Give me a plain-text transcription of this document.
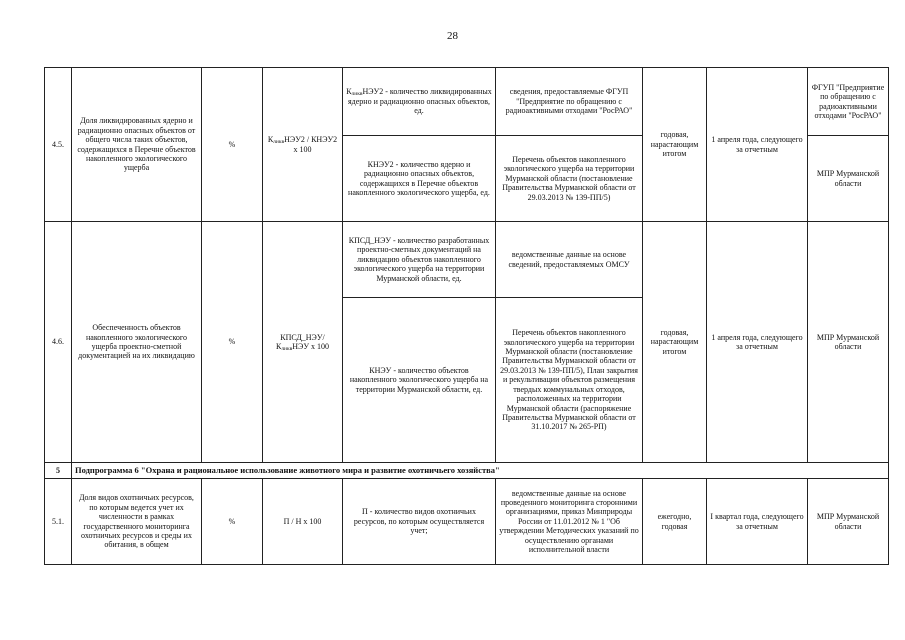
28
4.5.	Доля ликвидированных ядерно и радиационно опасных объектов от общего числа таких объектов, содержащихся в Перечне объектов накопленного экологического ущерба	%	$К_{ликв}НЭУ2$ / КНЭУ2 х 100	$К_{ликв}НЭУ2$ - количество ликвидированных ядерно и радиационно опасных объектов, ед.	сведения, предоставляемые ФГУП "Предприятие по обращению с радиоактивными отходами "РосРАО"	годовая, нарастающим итогом	1 апреля года, следующего за отчетным	ФГУП "Предприятие по обращению с радиоактивными отходами "РосРАО"
				КНЭУ2 - количество ядерно и радиационно опасных объектов, содержащихся в Перечне объектов накопленного экологического ущерба, ед.	Перечень объектов накопленного экологического ущерба на территории Мурманской области (постановление Правительства Мурманской области от 29.03.2013 № 139-ПП/5)			МПР Мурманской области
4.6.	Обеспеченность объектов накопленного экологического ущерба проектно-сметной документацией на их ликвидацию	%	КПСД_НЭУ/ $К_{ликв}НЭУ$ х 100	КПСД_НЭУ - количество разработанных проектно-сметных документаций на ликвидацию объектов накопленного экологического ущерба на территории Мурманской области, ед.	ведомственные данные на основе сведений, предоставляемых ОМСУ	годовая, нарастающим итогом	1 апреля года, следующего за отчетным	МПР Мурманской области
				КНЭУ - количество объектов накопленного экологического ущерба на территории Мурманской области, ед.	Перечень объектов накопленного экологического ущерба на территории Мурманской области (постановление Правительства Мурманской области от 29.03.2013 № 139-ПП/5), План закрытия и рекультивации объектов размещения твердых коммунальных отходов, расположенных на территории Мурманской области (распоряжение Правительства Мурманской области от 31.10.2017 № 265-РП)			
5	Подпрограмма 6 "Охрана и рациональное использование животного мира и развитие охотничьего хозяйства"							
5.1.	Доля видов охотничьих ресурсов, по которым ведется учет их численности в рамках государственного мониторинга охотничьих ресурсов и среды их обитания, в общем	%	П / Н х 100	П - количество видов охотничьих ресурсов, по которым осуществляется учет;	ведомственные данные на основе проведенного мониторинга сторонними организациями, приказ Минприроды России от 11.01.2012 № 1 "Об утверждении Методических указаний по осуществлению органами исполнительной власти	ежегодно, годовая	I квартал года, следующего за отчетным	МПР Мурманской области
